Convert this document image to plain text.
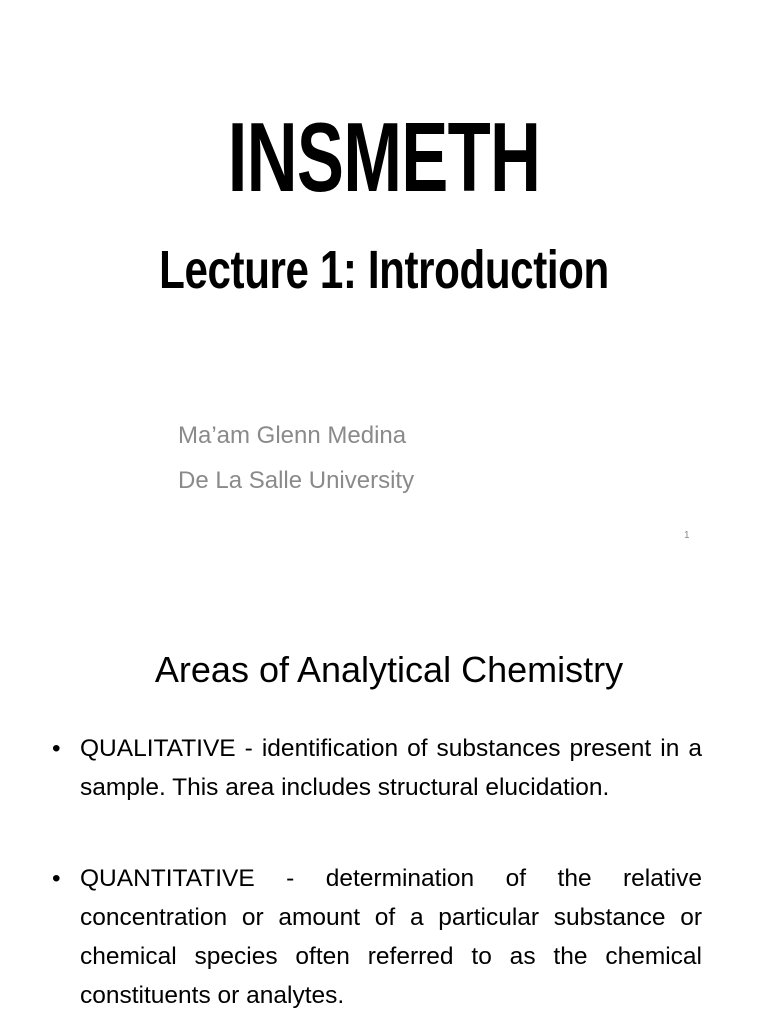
INSMETH
Lecture 1: Introduction
Ma’am Glenn Medina
De La Salle University
1
Areas of Analytical Chemistry
• QUALITATIVE - identification of substances present in a sample. This area includes structural elucidation.
• QUANTITATIVE - determination of the relative concentration or amount of a particular substance or chemical species often referred to as the chemical constituents or analytes.
